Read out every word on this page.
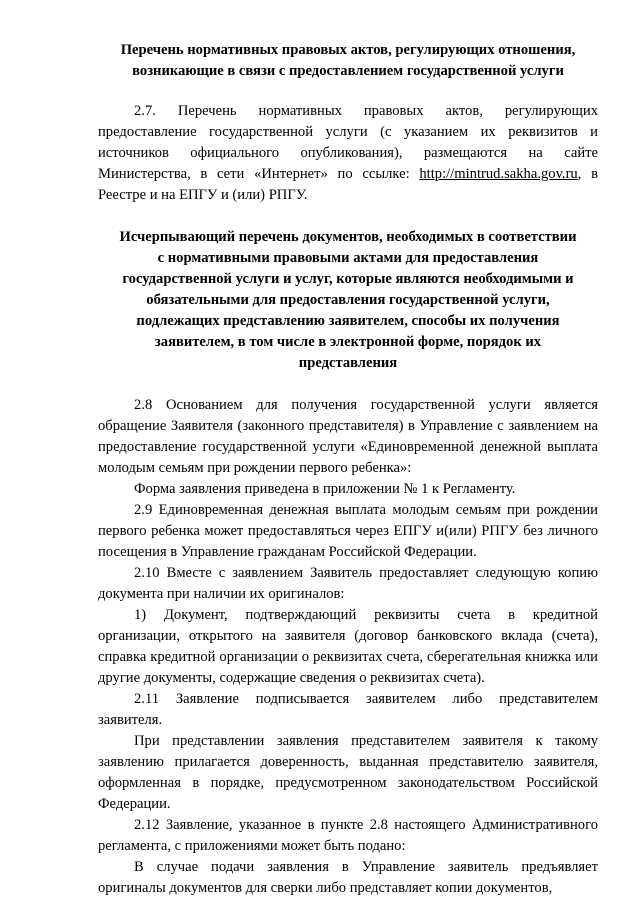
Перечень нормативных правовых актов, регулирующих отношения, возникающие в связи с предоставлением государственной услуги

2.7. Перечень нормативных правовых актов, регулирующих предоставление государственной услуги (с указанием их реквизитов и источников официального опубликования), размещаются на сайте Министерства, в сети «Интернет» по ссылке: http://mintrud.sakha.gov.ru, в Реестре и на ЕПГУ и (или) РПГУ.

Исчерпывающий перечень документов, необходимых в соответствии с нормативными правовыми актами для предоставления государственной услуги и услуг, которые являются необходимыми и обязательными для предоставления государственной услуги, подлежащих представлению заявителем, способы их получения заявителем, в том числе в электронной форме, порядок их представления

2.8 Основанием для получения государственной услуги является обращение Заявителя (законного представителя) в Управление с заявлением на предоставление государственной услуги «Единовременной денежной выплата молодым семьям при рождении первого ребенка»:

Форма заявления приведена в приложении № 1 к Регламенту.

2.9 Единовременная денежная выплата молодым семьям при рождении первого ребенка может предоставляться через ЕПГУ и(или) РПГУ без личного посещения в Управление гражданам Российской Федерации.

2.10 Вместе с заявлением Заявитель предоставляет следующую копию документа при наличии их оригиналов:

1) Документ, подтверждающий реквизиты счета в кредитной организации, открытого на заявителя (договор банковского вклада (счета), справка кредитной организации о реквизитах счета, сберегательная книжка или другие документы, содержащие сведения о реквизитах счета).

2.11 Заявление подписывается заявителем либо представителем заявителя.

При представлении заявления представителем заявителя к такому заявлению прилагается доверенность, выданная представителю заявителя, оформленная в порядке, предусмотренном законодательством Российской Федерации.

2.12 Заявление, указанное в пункте 2.8 настоящего Административного регламента, с приложениями может быть подано:

В случае подачи заявления в Управление заявитель предъявляет оригиналы документов для сверки либо представляет копии документов,
